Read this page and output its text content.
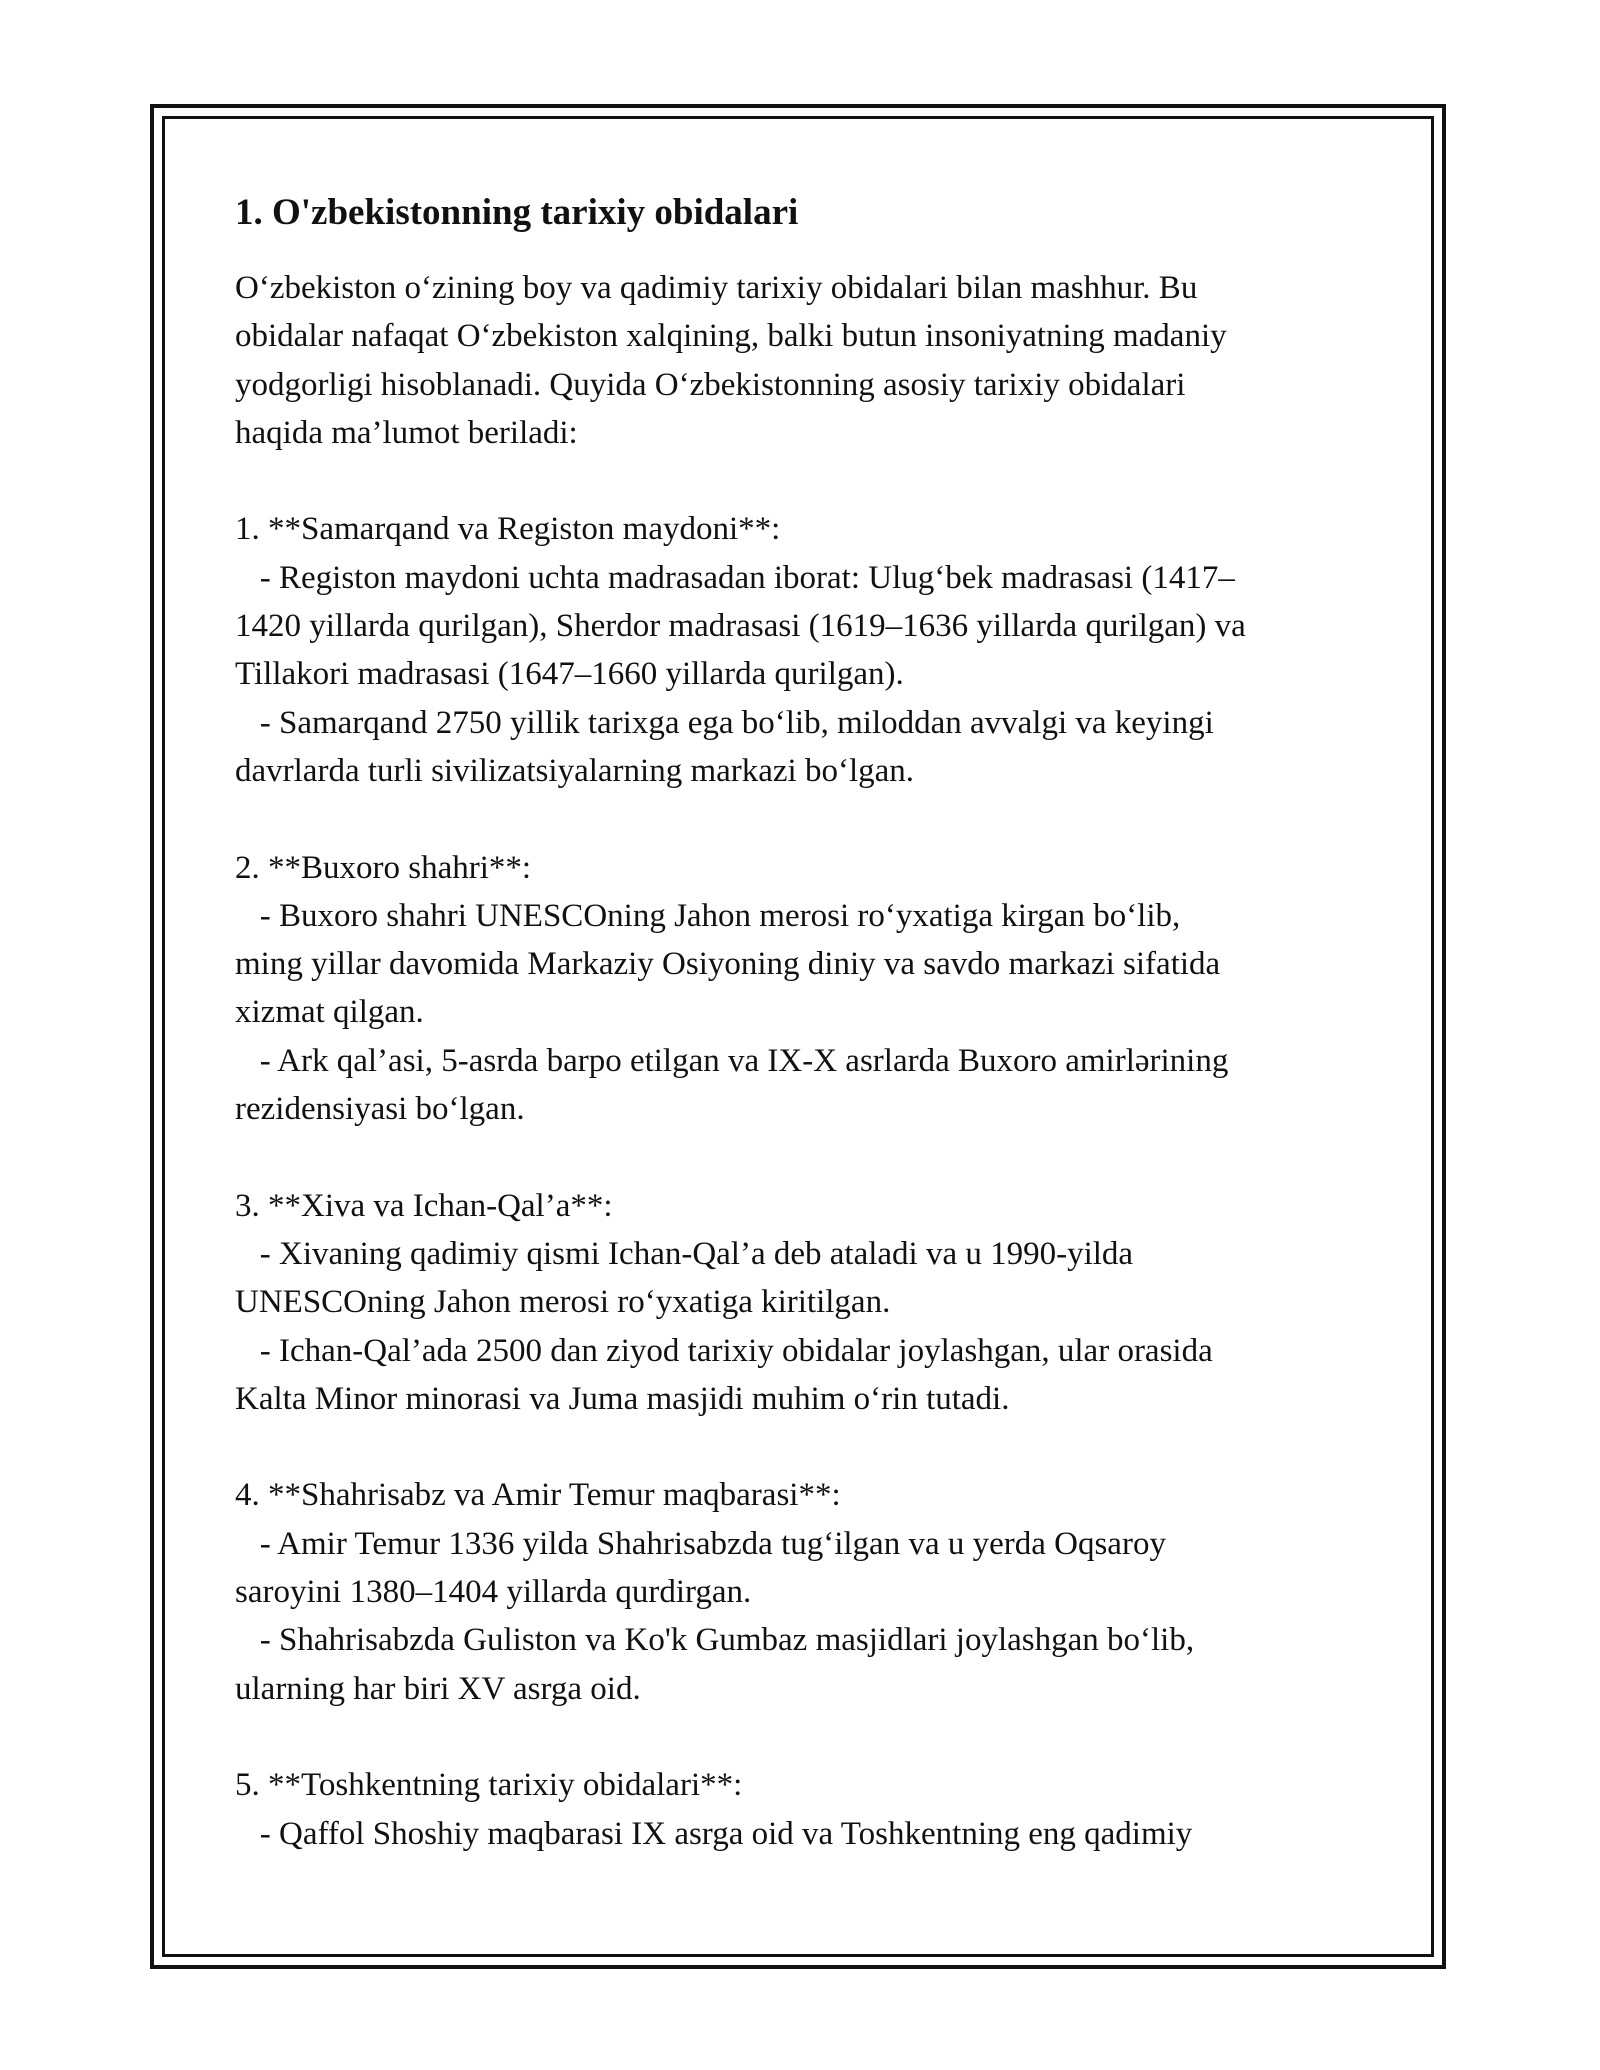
1. O'zbekistonning tarixiy obidalari
O‘zbekiston o‘zining boy va qadimiy tarixiy obidalari bilan mashhur. Bu
obidalar nafaqat O‘zbekiston xalqining, balki butun insoniyatning madaniy
yodgorligi hisoblanadi. Quyida O‘zbekistonning asosiy tarixiy obidalari
haqida ma’lumot beriladi:
1. **Samarqand va Registon maydoni**:
- Registon maydoni uchta madrasadan iborat: Ulug‘bek madrasasi (1417–
1420 yillarda qurilgan), Sherdor madrasasi (1619–1636 yillarda qurilgan) va
Tillakori madrasasi (1647–1660 yillarda qurilgan).
- Samarqand 2750 yillik tarixga ega bo‘lib, miloddan avvalgi va keyingi
davrlarda turli sivilizatsiyalarning markazi bo‘lgan.
2. **Buxoro shahri**:
- Buxoro shahri UNESCOning Jahon merosi ro‘yxatiga kirgan bo‘lib,
ming yillar davomida Markaziy Osiyoning diniy va savdo markazi sifatida
xizmat qilgan.
- Ark qal’asi, 5-asrda barpo etilgan va IX-X asrlarda Buxoro amirlərining
rezidensiyasi bo‘lgan.
3. **Xiva va Ichan-Qal’a**:
- Xivaning qadimiy qismi Ichan-Qal’a deb ataladi va u 1990-yilda
UNESCOning Jahon merosi ro‘yxatiga kiritilgan.
- Ichan-Qal’ada 2500 dan ziyod tarixiy obidalar joylashgan, ular orasida
Kalta Minor minorasi va Juma masjidi muhim o‘rin tutadi.
4. **Shahrisabz va Amir Temur maqbarasi**:
- Amir Temur 1336 yilda Shahrisabzda tug‘ilgan va u yerda Oqsaroy
saroyini 1380–1404 yillarda qurdirgan.
- Shahrisabzda Guliston va Ko'k Gumbaz masjidlari joylashgan bo‘lib,
ularning har biri XV asrga oid.
5. **Toshkentning tarixiy obidalari**:
- Qaffol Shoshiy maqbarasi IX asrga oid va Toshkentning eng qadimiy
